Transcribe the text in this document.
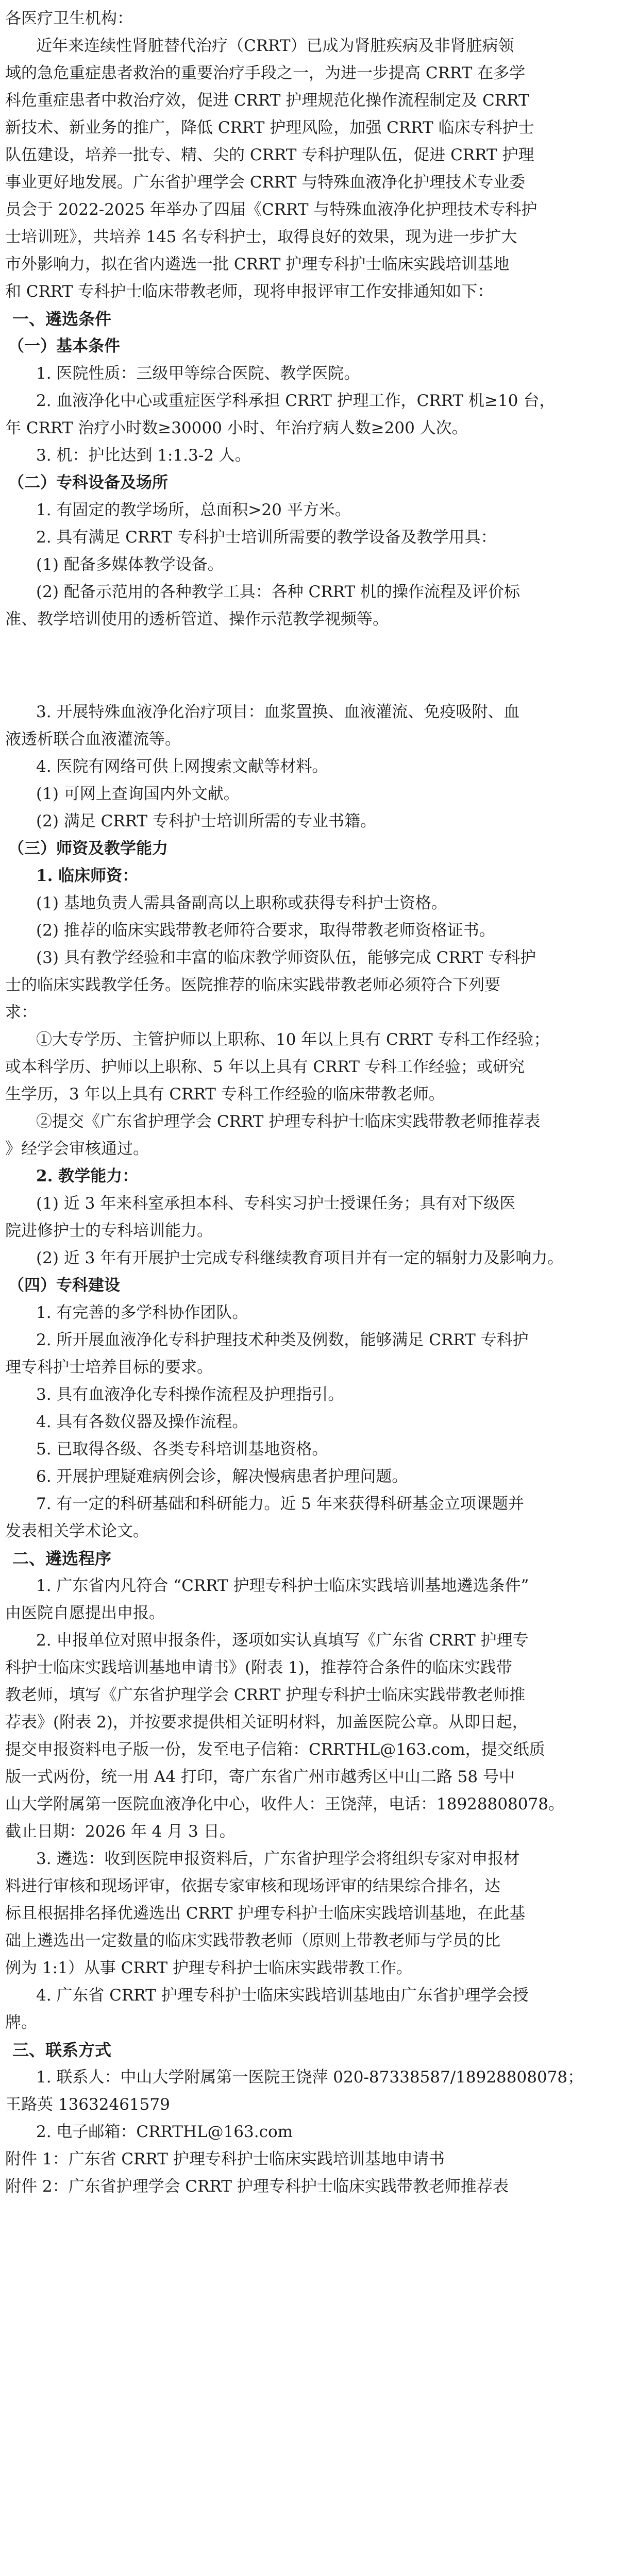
各医疗卫生机构：
近年来连续性肾脏替代治疗（CRRT）已成为肾脏疾病及非肾脏病领
域的急危重症患者救治的重要治疗手段之一，为进一步提高 CRRT 在多学
科危重症患者中救治疗效，促进 CRRT 护理规范化操作流程制定及 CRRT
新技术、新业务的推广，降低 CRRT 护理风险，加强 CRRT 临床专科护士
队伍建设，培养一批专、精、尖的 CRRT 专科护理队伍，促进 CRRT 护理
事业更好地发展。广东省护理学会 CRRT 与特殊血液净化护理技术专业委
员会于 2022-2025 年举办了四届《CRRT 与特殊血液净化护理技术专科护
士培训班》，共培养 145 名专科护士，取得良好的效果，现为进一步扩大
市外影响力，拟在省内遴选一批 CRRT 护理专科护士临床实践培训基地
和 CRRT 专科护士临床带教老师，现将申报评审工作安排通知如下：
一、遴选条件
（一）基本条件
1. 医院性质：三级甲等综合医院、教学医院。
2. 血液净化中心或重症医学科承担 CRRT 护理工作，CRRT 机≥10 台，
年 CRRT 治疗小时数≥30000 小时、年治疗病人数≥200 人次。
3. 机：护比达到 1:1.3-2 人。
（二）专科设备及场所
1. 有固定的教学场所，总面积>20 平方米。
2. 具有满足 CRRT 专科护士培训所需要的教学设备及教学用具：
(1) 配备多媒体教学设备。
(2) 配备示范用的各种教学工具：各种 CRRT 机的操作流程及评价标
准、教学培训使用的透析管道、操作示范教学视频等。
3. 开展特殊血液净化治疗项目：血浆置换、血液灌流、免疫吸附、血
液透析联合血液灌流等。
4. 医院有网络可供上网搜索文献等材料。
(1) 可网上查询国内外文献。
(2) 满足 CRRT 专科护士培训所需的专业书籍。
（三）师资及教学能力
1. 临床师资：
(1) 基地负责人需具备副高以上职称或获得专科护士资格。
(2) 推荐的临床实践带教老师符合要求，取得带教老师资格证书。
(3) 具有教学经验和丰富的临床教学师资队伍，能够完成 CRRT 专科护
士的临床实践教学任务。医院推荐的临床实践带教老师必须符合下列要
求：
①大专学历、主管护师以上职称、10 年以上具有 CRRT 专科工作经验；
或本科学历、护师以上职称、5 年以上具有 CRRT 专科工作经验；或研究
生学历，3 年以上具有 CRRT 专科工作经验的临床带教老师。
②提交《广东省护理学会 CRRT 护理专科护士临床实践带教老师推荐表
》经学会审核通过。
2. 教学能力：
(1) 近 3 年来科室承担本科、专科实习护士授课任务；具有对下级医
院进修护士的专科培训能力。
(2) 近 3 年有开展护士完成专科继续教育项目并有一定的辐射力及影响力。
（四）专科建设
1. 有完善的多学科协作团队。
2. 所开展血液净化专科护理技术种类及例数，能够满足 CRRT 专科护
理专科护士培养目标的要求。
3. 具有血液净化专科操作流程及护理指引。
4. 具有各数仪器及操作流程。
5. 已取得各级、各类专科培训基地资格。
6. 开展护理疑难病例会诊，解决慢病患者护理问题。
7. 有一定的科研基础和科研能力。近 5 年来获得科研基金立项课题并
发表相关学术论文。
二、遴选程序
1. 广东省内凡符合 “CRRT 护理专科护士临床实践培训基地遴选条件”
由医院自愿提出申报。
2. 申报单位对照申报条件，逐项如实认真填写《广东省 CRRT 护理专
科护士临床实践培训基地申请书》(附表 1)，推荐符合条件的临床实践带
教老师，填写《广东省护理学会 CRRT 护理专科护士临床实践带教老师推
荐表》(附表 2)，并按要求提供相关证明材料，加盖医院公章。从即日起，
提交申报资料电子版一份，发至电子信箱：CRRTHL@163.com，提交纸质
版一式两份，统一用 A4 打印，寄广东省广州市越秀区中山二路 58 号中
山大学附属第一医院血液净化中心，收件人：王饶萍，电话：18928808078。
截止日期：2026 年 4 月 3 日。
3. 遴选：收到医院申报资料后，广东省护理学会将组织专家对申报材
料进行审核和现场评审，依据专家审核和现场评审的结果综合排名，达
标且根据排名择优遴选出 CRRT 护理专科护士临床实践培训基地，在此基
础上遴选出一定数量的临床实践带教老师（原则上带教老师与学员的比
例为 1:1）从事 CRRT 护理专科护士临床实践带教工作。
4. 广东省 CRRT 护理专科护士临床实践培训基地由广东省护理学会授
牌。
三、联系方式
1. 联系人：中山大学附属第一医院王饶萍 020-87338587/18928808078；
王路英 13632461579
2. 电子邮箱：CRRTHL@163.com
附件 1：广东省 CRRT 护理专科护士临床实践培训基地申请书
附件 2：广东省护理学会 CRRT 护理专科护士临床实践带教老师推荐表
